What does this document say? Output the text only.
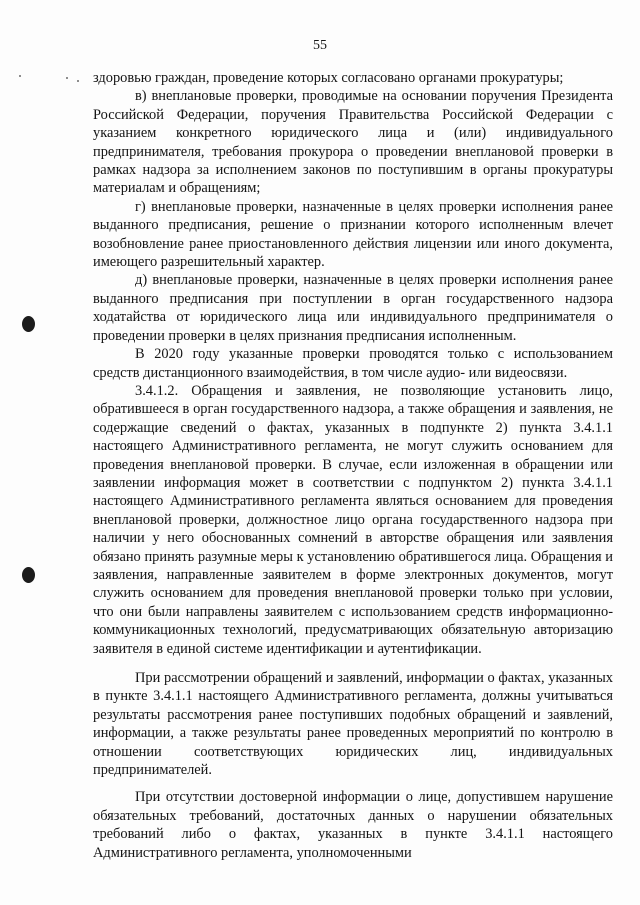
55

здоровью граждан, проведение которых согласовано органами прокуратуры;

в) внеплановые проверки, проводимые на основании поручения Президента Российской Федерации, поручения Правительства Российской Федерации с указанием конкретного юридического лица и (или) индивидуального предпринимателя, требования прокурора о проведении внеплановой проверки в рамках надзора за исполнением законов по поступившим в органы прокуратуры материалам и обращениям;

г) внеплановые проверки, назначенные в целях проверки исполнения ранее выданного предписания, решение о признании которого исполненным влечет возобновление ранее приостановленного действия лицензии или иного документа, имеющего разрешительный характер.

д) внеплановые проверки, назначенные в целях проверки исполнения ранее выданного предписания при поступлении в орган государственного надзора ходатайства от юридического лица или индивидуального предпринимателя о проведении проверки в целях признания предписания исполненным.

В 2020 году указанные проверки проводятся только с использованием средств дистанционного взаимодействия, в том числе аудио- или видеосвязи.

3.4.1.2. Обращения и заявления, не позволяющие установить лицо, обратившееся в орган государственного надзора, а также обращения и заявления, не содержащие сведений о фактах, указанных в подпункте 2) пункта 3.4.1.1 настоящего Административного регламента, не могут служить основанием для проведения внеплановой проверки. В случае, если изложенная в обращении или заявлении информация может в соответствии с подпунктом 2) пункта 3.4.1.1 настоящего Административного регламента являться основанием для проведения внеплановой проверки, должностное лицо органа государственного надзора при наличии у него обоснованных сомнений в авторстве обращения или заявления обязано принять разумные меры к установлению обратившегося лица. Обращения и заявления, направленные заявителем в форме электронных документов, могут служить основанием для проведения внеплановой проверки только при условии, что они были направлены заявителем с использованием средств информационно-коммуникационных технологий, предусматривающих обязательную авторизацию заявителя в единой системе идентификации и аутентификации.

При рассмотрении обращений и заявлений, информации о фактах, указанных в пункте 3.4.1.1 настоящего Административного регламента, должны учитываться результаты рассмотрения ранее поступивших подобных обращений и заявлений, информации, а также результаты ранее проведенных мероприятий по контролю в отношении соответствующих юридических лиц, индивидуальных предпринимателей.

При отсутствии достоверной информации о лице, допустившем нарушение обязательных требований, достаточных данных о нарушении обязательных требований либо о фактах, указанных в пункте 3.4.1.1 настоящего Административного регламента, уполномоченными
